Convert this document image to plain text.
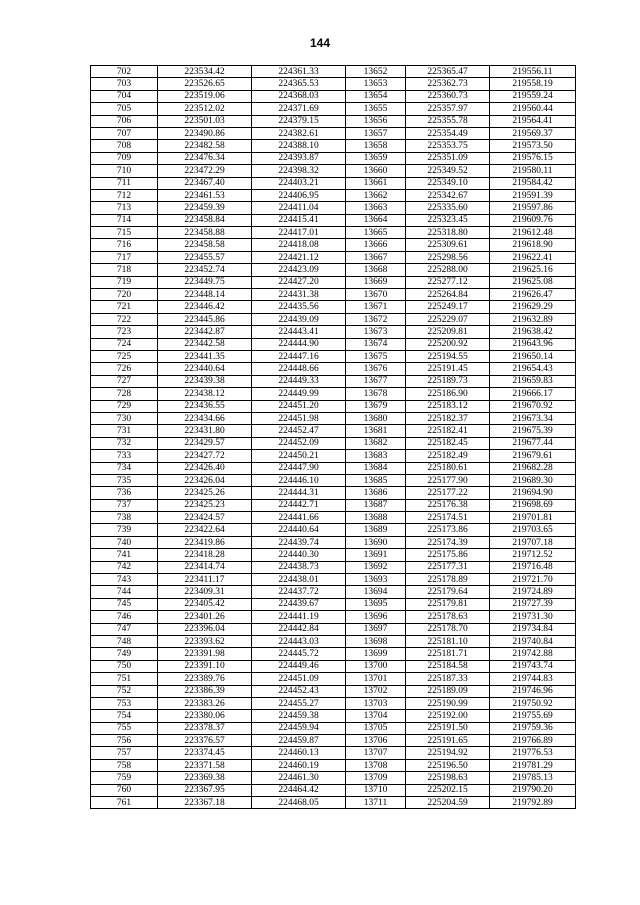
144
702	223534.42	224361.33	13652	225365.47	219556.11
703	223526.65	224365.53	13653	225362.73	219558.19
704	223519.06	224368.03	13654	225360.73	219559.24
705	223512.02	224371.69	13655	225357.97	219560.44
706	223501.03	224379.15	13656	225355.78	219564.41
707	223490.86	224382.61	13657	225354.49	219569.37
708	223482.58	224388.10	13658	225353.75	219573.50
709	223476.34	224393.87	13659	225351.09	219576.15
710	223472.29	224398.32	13660	225349.52	219580.11
711	223467.40	224403.21	13661	225349.10	219584.42
712	223461.53	224406.95	13662	225342.67	219591.39
713	223459.39	224411.04	13663	225335.60	219597.86
714	223458.84	224415.41	13664	225323.45	219609.76
715	223458.88	224417.01	13665	225318.80	219612.48
716	223458.58	224418.08	13666	225309.61	219618.90
717	223455.57	224421.12	13667	225298.56	219622.41
718	223452.74	224423.09	13668	225288.00	219625.16
719	223449.75	224427.20	13669	225277.12	219625.08
720	223448.14	224431.38	13670	225264.84	219626.47
721	223446.42	224435.56	13671	225249.17	219629.29
722	223445.86	224439.09	13672	225229.07	219632.89
723	223442.87	224443.41	13673	225209.81	219638.42
724	223442.58	224444.90	13674	225200.92	219643.96
725	223441.35	224447.16	13675	225194.55	219650.14
726	223440.64	224448.66	13676	225191.45	219654.43
727	223439.38	224449.33	13677	225189.73	219659.83
728	223438.12	224449.99	13678	225186.90	219666.17
729	223436.55	224451.20	13679	225183.12	219670.92
730	223434.66	224451.98	13680	225182.37	219673.34
731	223431.80	224452.47	13681	225182.41	219675.39
732	223429.57	224452.09	13682	225182.45	219677.44
733	223427.72	224450.21	13683	225182.49	219679.61
734	223426.40	224447.90	13684	225180.61	219682.28
735	223426.04	224446.10	13685	225177.90	219689.30
736	223425.26	224444.31	13686	225177.22	219694.90
737	223425.23	224442.71	13687	225176.38	219698.69
738	223424.57	224441.66	13688	225174.51	219701.81
739	223422.64	224440.64	13689	225173.86	219703.65
740	223419.86	224439.74	13690	225174.39	219707.18
741	223418.28	224440.30	13691	225175.86	219712.52
742	223414.74	224438.73	13692	225177.31	219716.48
743	223411.17	224438.01	13693	225178.89	219721.70
744	223409.31	224437.72	13694	225179.64	219724.89
745	223405.42	224439.67	13695	225179.81	219727.39
746	223401.26	224441.19	13696	225178.63	219731.30
747	223396.04	224442.84	13697	225178.70	219734.84
748	223393.62	224443.03	13698	225181.10	219740.84
749	223391.98	224445.72	13699	225181.71	219742.88
750	223391.10	224449.46	13700	225184.58	219743.74
751	223389.76	224451.09	13701	225187.33	219744.83
752	223386.39	224452.43	13702	225189.09	219746.96
753	223383.26	224455.27	13703	225190.99	219750.92
754	223380.06	224459.38	13704	225192.00	219755.69
755	223378.37	224459.94	13705	225191.50	219759.36
756	223376.57	224459.87	13706	225191.65	219766.89
757	223374.45	224460.13	13707	225194.92	219776.53
758	223371.58	224460.19	13708	225196.50	219781.29
759	223369.38	224461.30	13709	225198.63	219785.13
760	223367.95	224464.42	13710	225202.15	219790.20
761	223367.18	224468.05	13711	225204.59	219792.89
